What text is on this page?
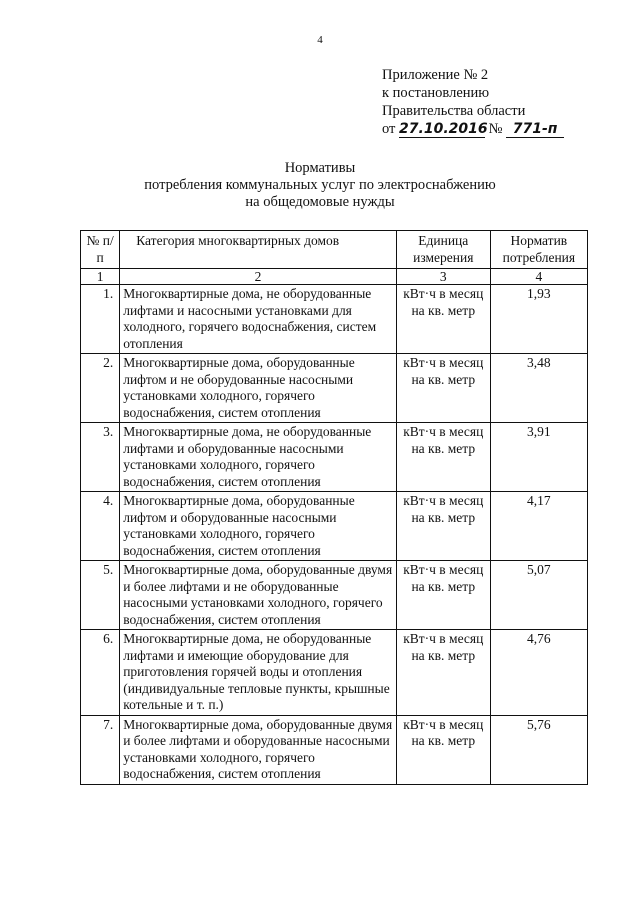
4
Приложение № 2
к постановлению
Правительства области
от 27.10.2016 № 771-п
Нормативы
потребления коммунальных услуг по электроснабжению
на общедомовые нужды
№ п/п	Категория многоквартирных домов	Единица измерения	Норматив потребления
1	2	3	4
1.	Многоквартирные дома, не оборудованные лифтами и насосными установками для холодного, горячего водоснабжения, систем отопления	кВт·ч в месяц на кв. метр	1,93
2.	Многоквартирные дома, оборудованные лифтом и не оборудованные насосными установками холодного, горячего водоснабжения, систем отопления	кВт·ч в месяц на кв. метр	3,48
3.	Многоквартирные дома, не оборудованные лифтами и оборудованные насосными установками холодного, горячего водоснабжения, систем отопления	кВт·ч в месяц на кв. метр	3,91
4.	Многоквартирные дома, оборудованные лифтом и оборудованные насосными установками холодного, горячего водоснабжения, систем отопления	кВт·ч в месяц на кв. метр	4,17
5.	Многоквартирные дома, оборудованные двумя и более лифтами и не оборудованные насосными установками холодного, горячего водоснабжения, систем отопления	кВт·ч в месяц на кв. метр	5,07
6.	Многоквартирные дома, не оборудованные лифтами и имеющие оборудование для приготовления горячей воды и отопления (индивидуальные тепловые пункты, крышные котельные и т. п.)	кВт·ч в месяц на кв. метр	4,76
7.	Многоквартирные дома, оборудованные двумя и более лифтами и оборудованные насосными установками холодного, горячего водоснабжения, систем отопления	кВт·ч в месяц на кв. метр	5,76
